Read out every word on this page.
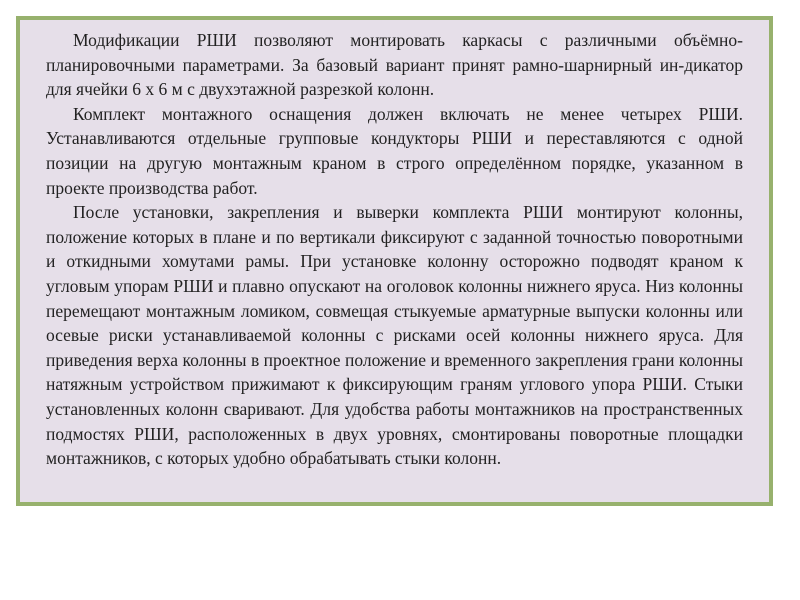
Модификации РШИ позволяют монтировать каркасы с различными объёмно-планировочными параметрами. За базовый вариант принят рамно-шарнирный ин-дикатор для ячейки 6 х 6 м с двухэтажной разрезкой колонн.

Комплект монтажного оснащения должен включать не менее четырех РШИ. Устанавливаются отдельные групповые кондукторы РШИ и переставляются с одной позиции на другую монтажным краном в строго определённом порядке, указанном в проекте производства работ.

После установки, закрепления и выверки комплекта РШИ монтируют колонны, положение которых в плане и по вертикали фиксируют с заданной точностью поворотными и откидными хомутами рамы. При установке колонну осторожно подводят краном к угловым упорам РШИ и плавно опускают на оголовок колонны нижнего яруса. Низ колонны перемещают монтажным ломиком, совмещая стыкуемые арматурные выпуски колонны или осевые риски устанавливаемой колонны с рисками осей колонны нижнего яруса. Для приведения верха колонны в проектное положение и временного закрепления грани колонны натяжным устройством прижимают к фиксирующим граням углового упора РШИ. Стыки установленных колонн сваривают. Для удобства работы монтажников на пространственных подмостях РШИ, расположенных в двух уровнях, смонтированы поворотные площадки монтажников, с которых удобно обрабатывать стыки колонн.
